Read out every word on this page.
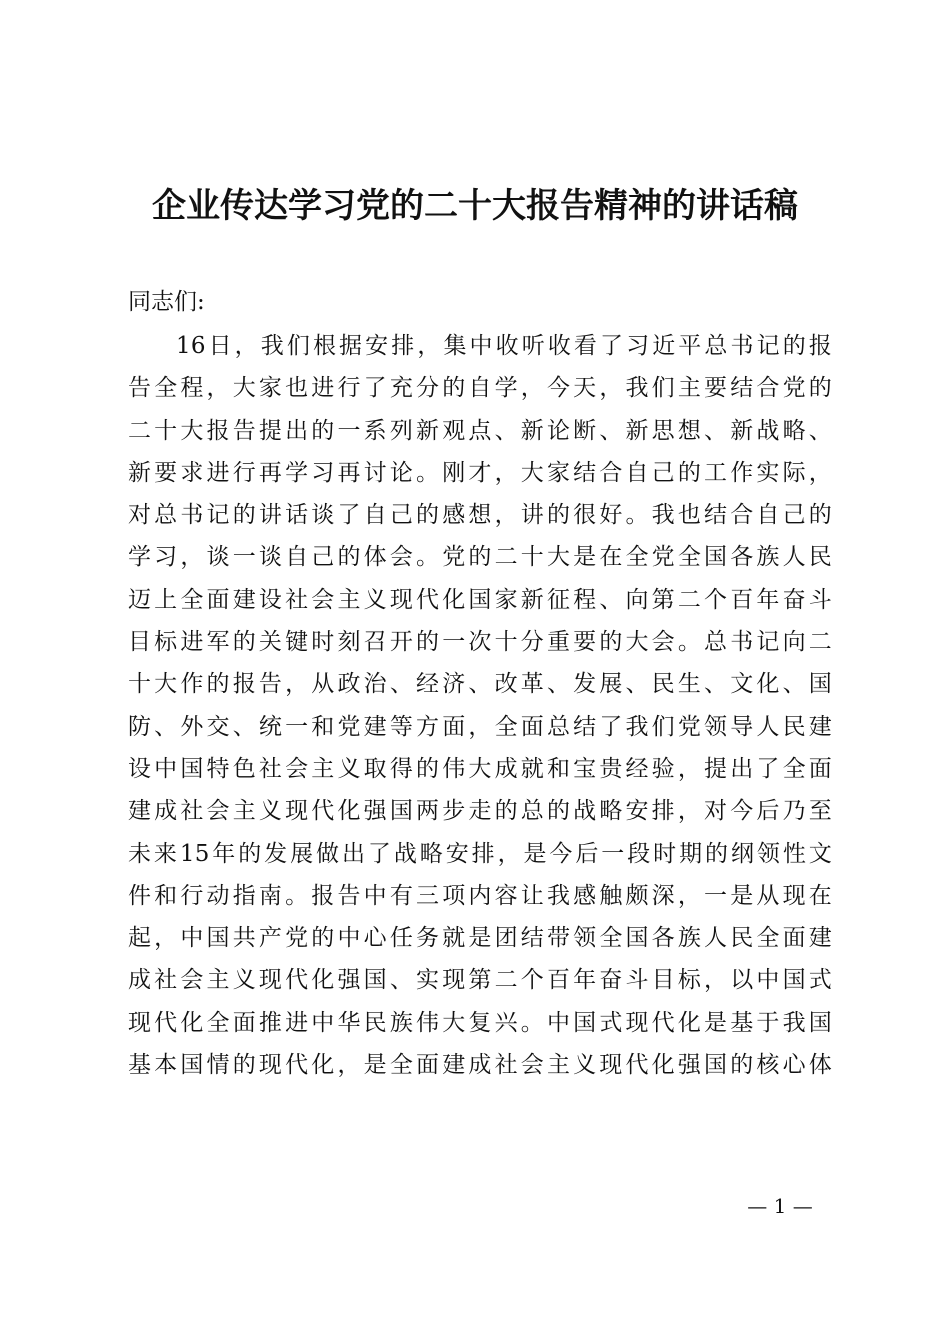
企业传达学习党的二十大报告精神的讲话稿

同志们:

16日，我们根据安排，集中收听收看了习近平总书记的报
告全程，大家也进行了充分的自学，今天，我们主要结合党的
二十大报告提出的一系列新观点、新论断、新思想、新战略、
新要求进行再学习再讨论。刚才，大家结合自己的工作实际，
对总书记的讲话谈了自己的感想，讲的很好。我也结合自己的
学习，谈一谈自己的体会。党的二十大是在全党全国各族人民
迈上全面建设社会主义现代化国家新征程、向第二个百年奋斗
目标进军的关键时刻召开的一次十分重要的大会。总书记向二
十大作的报告，从政治、经济、改革、发展、民生、文化、国
防、外交、统一和党建等方面，全面总结了我们党领导人民建
设中国特色社会主义取得的伟大成就和宝贵经验，提出了全面
建成社会主义现代化强国两步走的总的战略安排，对今后乃至
未来15年的发展做出了战略安排，是今后一段时期的纲领性文
件和行动指南。报告中有三项内容让我感触颇深，一是从现在
起，中国共产党的中心任务就是团结带领全国各族人民全面建
成社会主义现代化强国、实现第二个百年奋斗目标，以中国式
现代化全面推进中华民族伟大复兴。中国式现代化是基于我国
基本国情的现代化，是全面建成社会主义现代化强国的核心体

— 1 —
